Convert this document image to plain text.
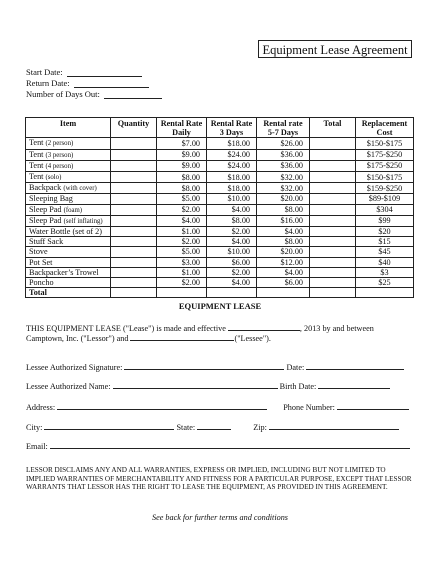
Equipment Lease Agreement
Start Date:
Return Date:
Number of Days Out:
Item	Quantity	Rental Rate Daily	Rental Rate 3 Days	Rental rate 5-7 Days	Total	Replacement Cost
Tent (2 person)		$7.00	$18.00	$26.00		$150-$175
Tent (3 person)		$9.00	$24.00	$36.00		$175-$250
Tent (4 person)		$9.00	$24.00	$36.00		$175-$250
Tent (solo)		$8.00	$18.00	$32.00		$150-$175
Backpack (with cover)		$8.00	$18.00	$32.00		$159-$250
Sleeping Bag		$5.00	$10.00	$20.00		$89-$109
Sleep Pad (foam)		$2.00	$4.00	$8.00		$304
Sleep Pad (self inflating)		$4.00	$8.00	$16.00		$99
Water Bottle (set of 2)		$1.00	$2.00	$4.00		$20
Stuff Sack		$2.00	$4.00	$8.00		$15
Stove		$5.00	$10.00	$20.00		$45
Pot Set		$3.00	$6.00	$12.00		$40
Backpacker’s Trowel		$1.00	$2.00	$4.00		$3
Poncho		$2.00	$4.00	$6.00		$25
Total						
EQUIPMENT LEASE
THIS EQUIPMENT LEASE ("Lease") is made and effective	, 2013 by and between
Camptown, Inc. ("Lessor") and	("Lessee").
Lessee Authorized Signature:	Date:
Lessee Authorized Name:	Birth Date:
Address:	Phone Number:
City:	State:	Zip:
Email:
LESSOR DISCLAIMS ANY AND ALL WARRANTIES, EXPRESS OR IMPLIED, INCLUDING BUT NOT LIMITED TO IMPLIED WARRANTIES OF MERCHANTABILITY AND FITNESS FOR A PARTICULAR PURPOSE, EXCEPT THAT LESSOR WARRANTS THAT LESSOR HAS THE RIGHT TO LEASE THE EQUIPMENT, AS PROVIDED IN THIS AGREEMENT.
See back for further terms and conditions
